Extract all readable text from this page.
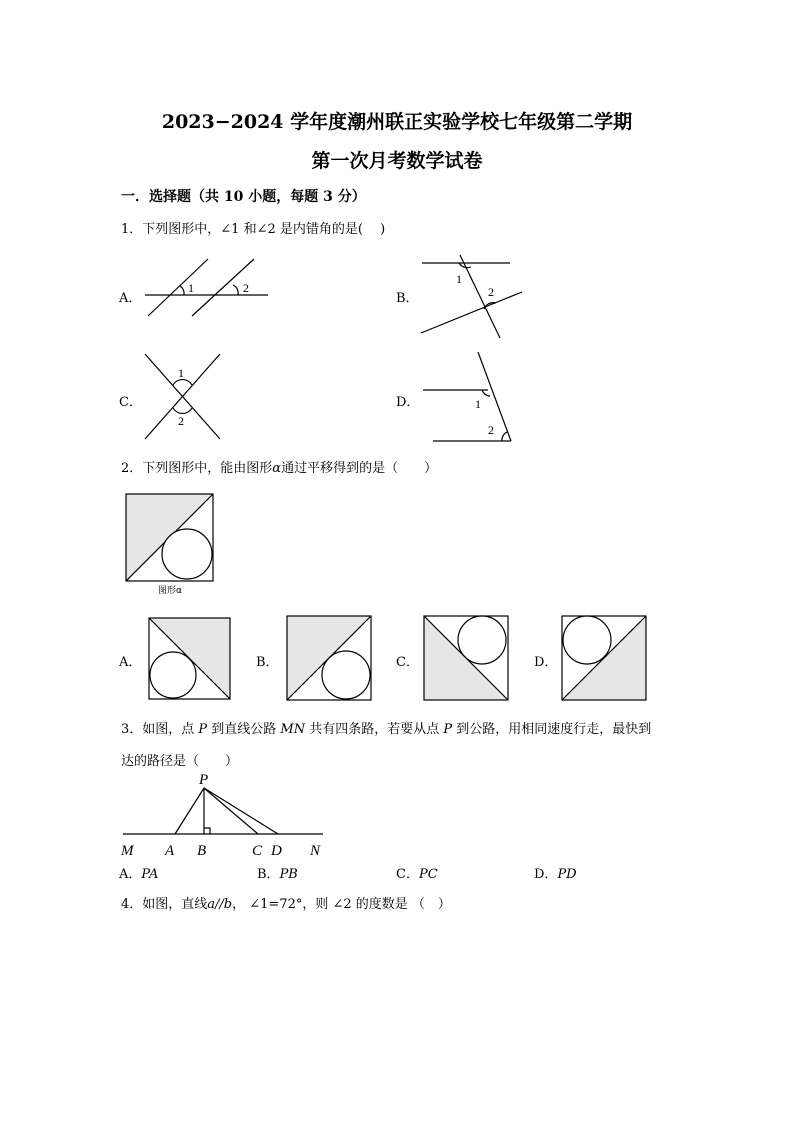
2023−2024 学年度潮州联正实验学校七年级第二学期
第一次月考数学试卷
一．选择题（共 10 小题，每题 3 分）
1．下列图形中，∠1 和∠2 是内错角的是(　 )
A．	B．
C．	D．
1	2
1
2
1
2
1
2
2．下列图形中，能由图形α通过平移得到的是（　　）
图形α
A．	B．	C．	D．
3．如图，点 P 到直线公路 MN 共有四条路，若要从点 P 到公路，用相同速度行走，最快到
达的路径是（　　）
P
M A B	C D N
A．PA	B．PB	C．PC	D．PD
4．如图，直线a//b， ∠1=72°，则 ∠2 的度数是 （　）
